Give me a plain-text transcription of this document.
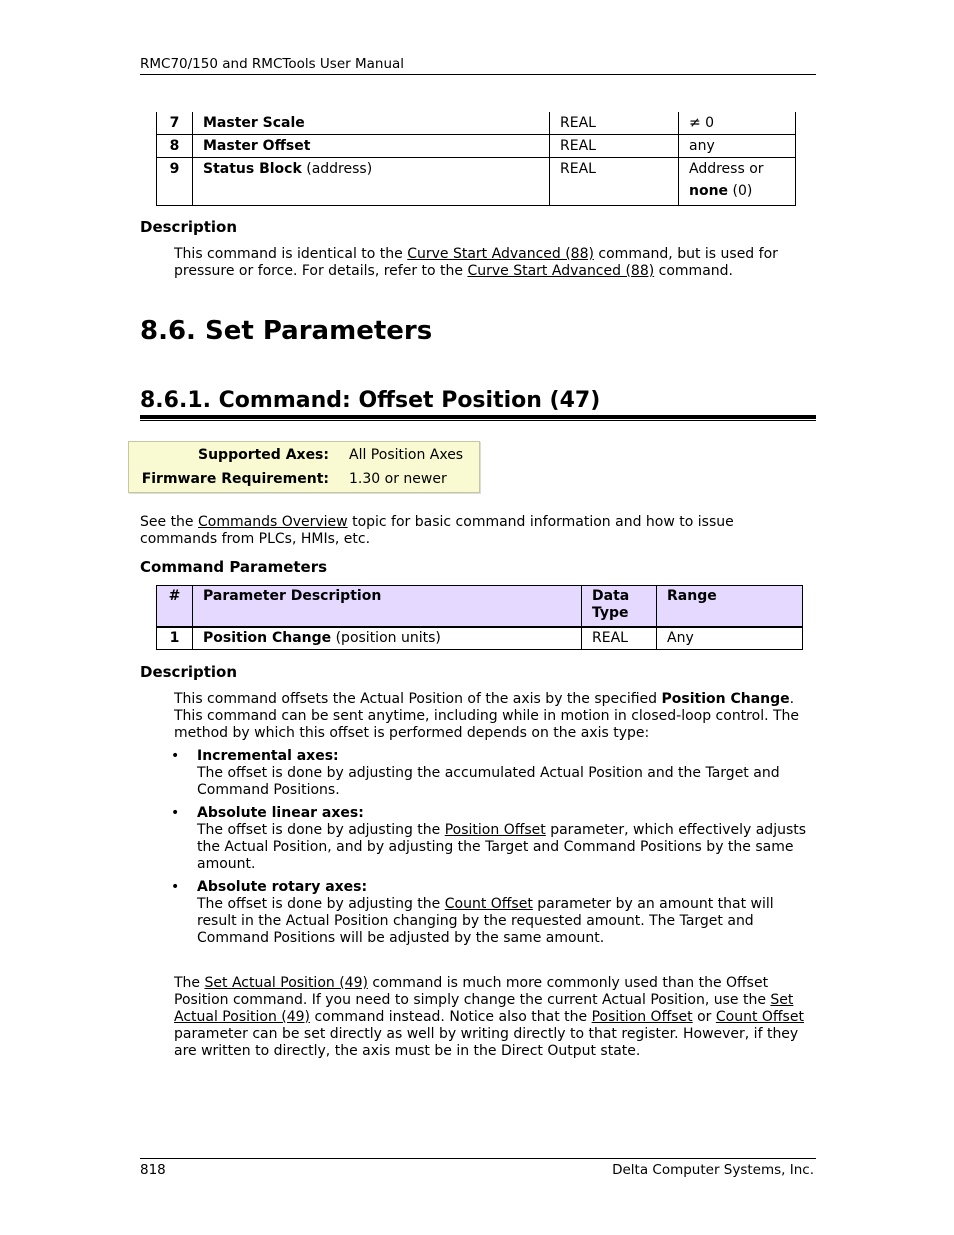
RMC70/150 and RMCTools User Manual
7	Master Scale	REAL	≠ 0
8	Master Offset	REAL	any
9	Status Block (address)	REAL	Address or
none (0)
Description
This command is identical to the Curve Start Advanced (88) command, but is used for pressure or force. For details, refer to the Curve Start Advanced (88) command.
8.6. Set Parameters
8.6.1. Command: Offset Position (47)
Supported Axes:	All Position Axes
Firmware Requirement:	1.30 or newer
See the Commands Overview topic for basic command information and how to issue commands from PLCs, HMIs, etc.
Command Parameters
#	Parameter Description	Data Type	Range
1	Position Change (position units)	REAL	Any
Description
This command offsets the Actual Position of the axis by the specified Position Change. This command can be sent anytime, including while in motion in closed-loop control. The method by which this offset is performed depends on the axis type:
• Incremental axes:
The offset is done by adjusting the accumulated Actual Position and the Target and Command Positions.
• Absolute linear axes:
The offset is done by adjusting the Position Offset parameter, which effectively adjusts the Actual Position, and by adjusting the Target and Command Positions by the same amount.
• Absolute rotary axes:
The offset is done by adjusting the Count Offset parameter by an amount that will result in the Actual Position changing by the requested amount. The Target and Command Positions will be adjusted by the same amount.
The Set Actual Position (49) command is much more commonly used than the Offset Position command. If you need to simply change the current Actual Position, use the Set Actual Position (49) command instead. Notice also that the Position Offset or Count Offset parameter can be set directly as well by writing directly to that register. However, if they are written to directly, the axis must be in the Direct Output state.
818	Delta Computer Systems, Inc.
